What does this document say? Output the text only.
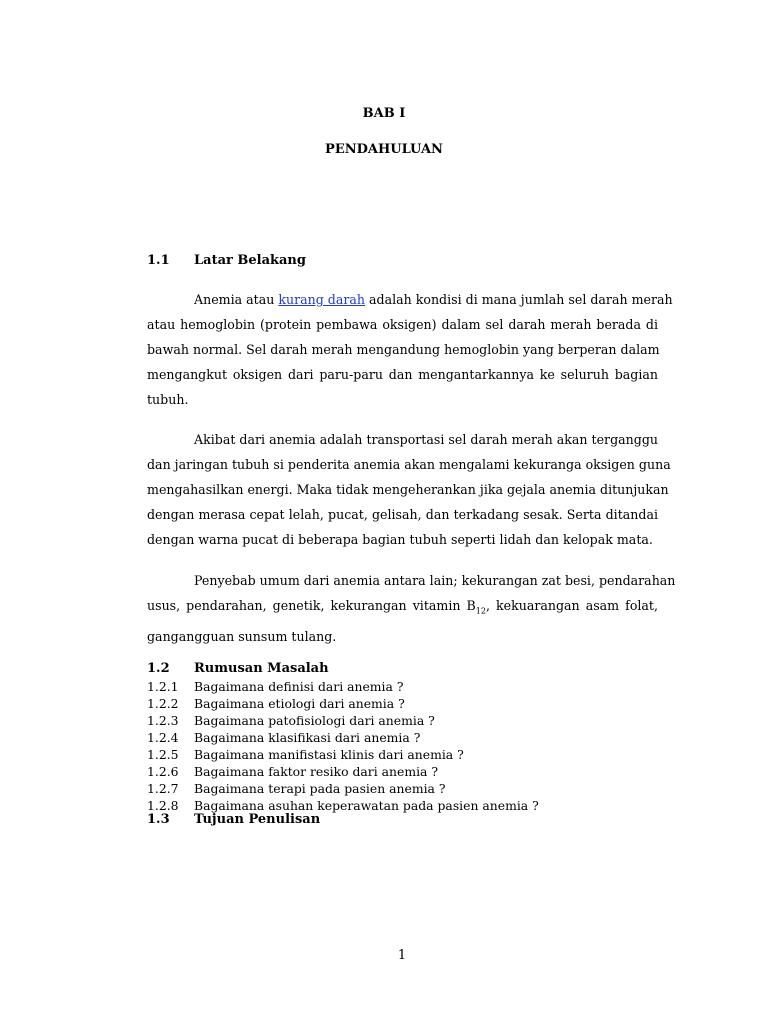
BAB I
PENDAHULUAN
1.1 Latar Belakang
Anemia atau kurang darah adalah kondisi di mana jumlah sel darah merah
atau hemoglobin (protein pembawa oksigen) dalam sel darah merah berada di
bawah normal. Sel darah merah mengandung hemoglobin yang berperan dalam
mengangkut oksigen dari paru-paru dan mengantarkannya ke seluruh bagian
tubuh.
Akibat dari anemia adalah transportasi sel darah merah akan terganggu
dan jaringan tubuh si penderita anemia akan mengalami kekuranga oksigen guna
mengahasilkan energi. Maka tidak mengeherankan jika gejala anemia ditunjukan
dengan merasa cepat lelah, pucat, gelisah, dan terkadang sesak. Serta ditandai
dengan warna pucat di beberapa bagian tubuh seperti lidah dan kelopak mata.
Penyebab umum dari anemia antara lain; kekurangan zat besi, pendarahan
usus, pendarahan, genetik, kekurangan vitamin $B_{12}$, kekuarangan asam folat,
gangangguan sunsum tulang.
1.2 Rumusan Masalah
1.2.1 Bagaimana definisi dari anemia ?
1.2.2 Bagaimana etiologi dari anemia ?
1.2.3 Bagaimana patofisiologi dari anemia ?
1.2.4 Bagaimana klasifikasi dari anemia ?
1.2.5 Bagaimana manifistasi klinis dari anemia ?
1.2.6 Bagaimana faktor resiko dari anemia ?
1.2.7 Bagaimana terapi pada pasien anemia ?
1.2.8 Bagaimana asuhan keperawatan pada pasien anemia ?
1.3 Tujuan Penulisan
1
